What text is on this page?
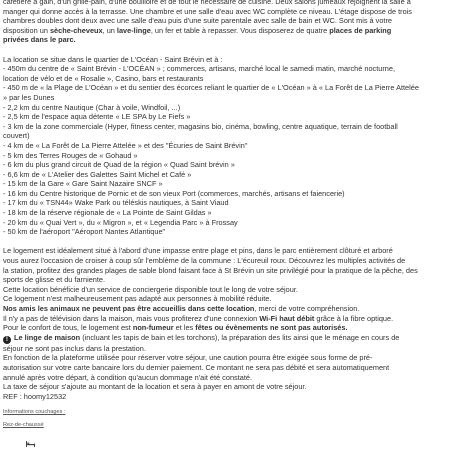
cafetière à gain, d'un grille-pain, d'une bouilloire et de tout le nécessaire de cuisine. Deux salons jumeaux rejoignent la salle à

manger qui donne accès à la terrasse. Une chambre et une salle d'eau avec WC complète ce niveau. L'étage dispose de trois

chambres doubles dont deux avec une salle d'eau puis d'une suite parentale avec salle de bain et WC. Sont mis à votre

disposition un sèche-cheveux, un lave-linge, un fer et table à repasser. Vous disposerez de quatre places de parking

privées dans le parc.

La location se situe dans le quartier de L'Océan - Saint Brévin et à :

- 450m du centre de « Saint Brévin - L'OCÉAN » ; commerces, artisans, marché local le samedi matin, marché nocturne,

location de vélo et de « Rosalie », Casino, bars et restaurants

- 450 m de « la Plage de L'Océan » et du sentier des écorces reliant le quartier de « L'Océan » à « La Forêt de La Pierre Attelée

» par les Dunes

- 2,2 km du centre Nautique (Char à voile, Windfoil, ...)

- 2,5 km de l'espace aqua détente « LE SPA by Le Fiefs »

- 3 km de la zone commerciale (Hyper, fitness center, magasins bio, cinéma, bowling, centre aquatique, terrain de football

couvert)

- 4 km de « La Forêt de La Pierre Attelée » et des "Écuries de Saint Brévin"

- 5 km des Terres Rouges de « Gohaud »

- 6 km du plus grand circuit de Quad de la région « Quad Saint brévin »

- 6,6 km de « L'Atelier des Galettes Saint Michel et Café »

- 15 km de la Gare « Gare Saint Nazaire SNCF »

- 16 km du Centre historique de Pornic et de son vieux Port (commerces, marchés, artisans et faiencerie)

- 17 km du « TSN44» Wake Park ou téléskis nautiques, à Saint Viaud

- 18 km de la réserve régionale de « La Pointe de Saint Gildas »

- 20 km du « Quai Vert », du « Migron », et « Legendia Parc » à Frossay

- 50 km de l'aéroport "Aéroport Nantes Atlantique"

Le logement est idéalement situé à l'abord d'une impasse entre plage et pins, dans le parc entièrement clôturé et arboré

vous aurez l'occasion de croiser à coup sûr l'emblème de la commune : L'écureuil roux. Découvrez les multiples activités de

la station, profitez des grandes plages de sable blond faisant face à St Brévin un site privilégié pour la pratique de la pêche, des

sports de glisse et du farniente.

Cette location bénéficie d'un service de conciergerie disponible tout le long de votre séjour.

Ce logement n'est malheureusement pas adapté aux personnes à mobilité réduite.

Nos amis les animaux ne peuvent pas être accueillis dans cette location, merci de votre compréhension.

Il n'y a pas de télévision dans la maison, mais vous profiterez d'une connexion Wi-Fi haut débit grâce à la fibre optique.

Pour le confort de tous, le logement est non-fumeur et les fêtes ou évènements ne sont pas autorisés.

! Le linge de maison (incluant les tapis de bain et les torchons), la préparation des lits ainsi que le ménage en cours de

séjour ne sont pas inclus dans la prestation.

En fonction de la plateforme utilisée pour réserver votre séjour, une caution pourra être exigée sous forme de pré-

autorisation sur votre carte bancaire lors du dernier paiement. Ce montant ne sera pas débité et sera automatiquement

annulé après votre départ, à condition qu'aucun dommage n'ait été constaté.

La taxe de séjour s'ajoute au montant de la location et sera à payer en amont de votre séjour.

REF : hoomy12532

Informations couchages :

Rez-de-chaussé
